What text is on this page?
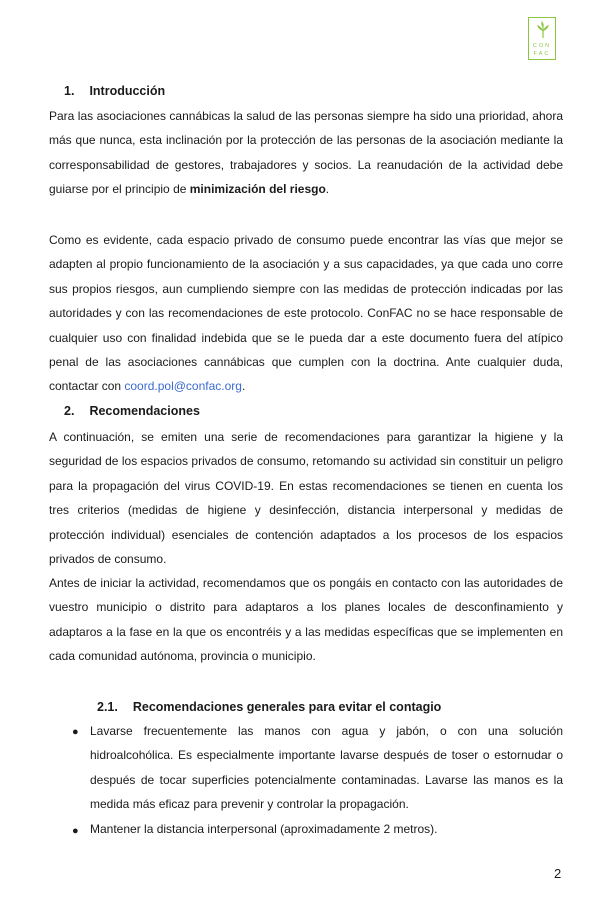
CON
FAC
1. Introducción
Para las asociaciones cannábicas la salud de las personas siempre ha sido una prioridad, ahora más que nunca, esta inclinación por la protección de las personas de la asociación mediante la corresponsabilidad de gestores, trabajadores y socios. La reanudación de la actividad debe guiarse por el principio de minimización del riesgo.
Como es evidente, cada espacio privado de consumo puede encontrar las vías que mejor se adapten al propio funcionamiento de la asociación y a sus capacidades, ya que cada uno corre sus propios riesgos, aun cumpliendo siempre con las medidas de protección indicadas por las autoridades y con las recomendaciones de este protocolo. ConFAC no se hace responsable de cualquier uso con finalidad indebida que se le pueda dar a este documento fuera del atípico penal de las asociaciones cannábicas que cumplen con la doctrina. Ante cualquier duda, contactar con coord.pol@confac.org.
2. Recomendaciones
A continuación, se emiten una serie de recomendaciones para garantizar la higiene y la seguridad de los espacios privados de consumo, retomando su actividad sin constituir un peligro para la propagación del virus COVID-19. En estas recomendaciones se tienen en cuenta los tres criterios (medidas de higiene y desinfección, distancia interpersonal y medidas de protección individual) esenciales de contención adaptados a los procesos de los espacios privados de consumo.
Antes de iniciar la actividad, recomendamos que os pongáis en contacto con las autoridades de vuestro municipio o distrito para adaptaros a los planes locales de desconfinamiento y adaptaros a la fase en la que os encontréis y a las medidas específicas que se implementen en cada comunidad autónoma, provincia o municipio.
2.1. Recomendaciones generales para evitar el contagio
● Lavarse frecuentemente las manos con agua y jabón, o con una solución hidroalcohólica. Es especialmente importante lavarse después de toser o estornudar o después de tocar superficies potencialmente contaminadas. Lavarse las manos es la medida más eficaz para prevenir y controlar la propagación.
● Mantener la distancia interpersonal (aproximadamente 2 metros).
2
